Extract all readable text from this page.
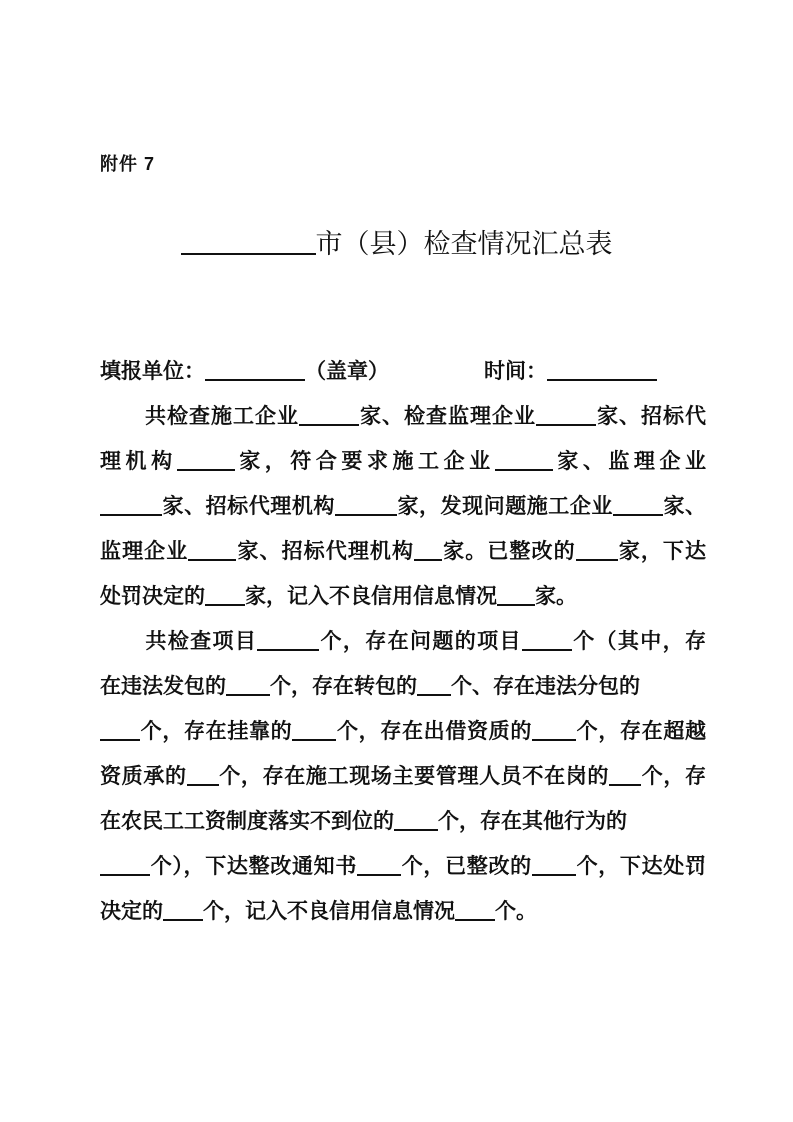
附件 7
市（县）检查情况汇总表
填报单位：	（盖章）	时间：
共检查施工企业	家、检查监理企业	家、招标代
理机构	家，符合要求施工企业	家、监理企业
家、招标代理机构	家，发现问题施工企业 家、
监理企业 家、招标代理机构 家。已整改的 家，下达
处罚决定的 家，记入不良信用信息情况 家。
共检查项目	个，存在问题的项目 个（其中，存
在违法发包的 个，存在转包的 个、存在违法分包的
个，存在挂靠的 个，存在出借资质的 个，存在超越
资质承的 个，存在施工现场主要管理人员不在岗的 个，存
在农民工工资制度落实不到位的 个，存在其他行为的
个），下达整改通知书 个，已整改的 个，下达处罚
决定的 个，记入不良信用信息情况 个。
